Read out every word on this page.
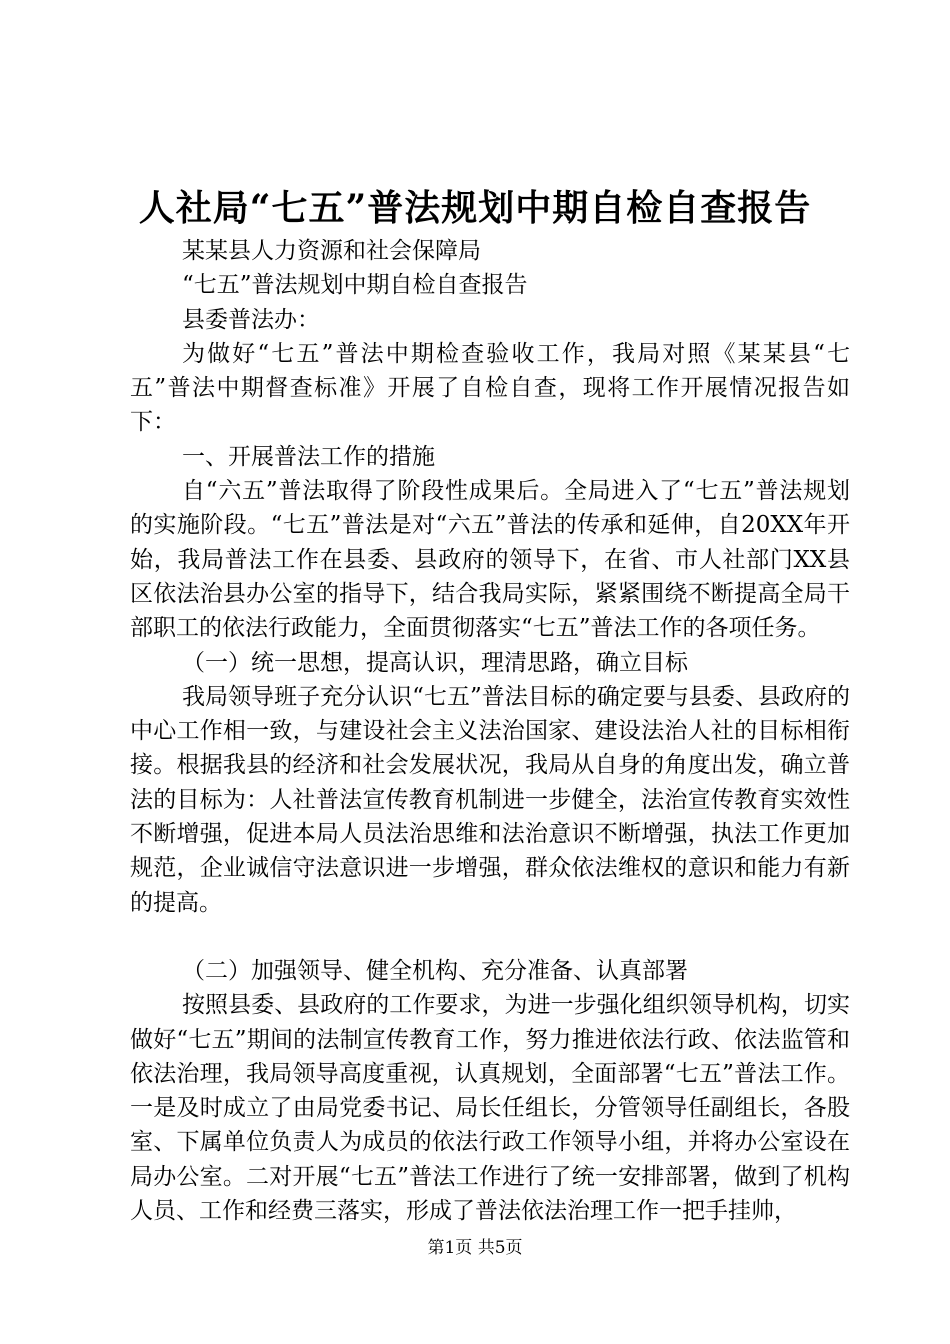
人社局“七五”普法规划中期自检自查报告

某某县人力资源和社会保障局

“七五”普法规划中期自检自查报告

县委普法办：

为做好“七五”普法中期检查验收工作，我局对照《某某县“七五”普法中期督查标准》开展了自检自查，现将工作开展情况报告如下：

一、开展普法工作的措施

自“六五”普法取得了阶段性成果后。全局进入了“七五”普法规划的实施阶段。“七五”普法是对“六五”普法的传承和延伸，自20XX年开始，我局普法工作在县委、县政府的领导下，在省、市人社部门XX县区依法治县办公室的指导下，结合我局实际，紧紧围绕不断提高全局干部职工的依法行政能力，全面贯彻落实“七五”普法工作的各项任务。

（一）统一思想，提高认识，理清思路，确立目标

我局领导班子充分认识“七五”普法目标的确定要与县委、县政府的中心工作相一致，与建设社会主义法治国家、建设法治人社的目标相衔接。根据我县的经济和社会发展状况，我局从自身的角度出发，确立普法的目标为：人社普法宣传教育机制进一步健全，法治宣传教育实效性不断增强，促进本局人员法治思维和法治意识不断增强，执法工作更加规范，企业诚信守法意识进一步增强，群众依法维权的意识和能力有新的提高。

（二）加强领导、健全机构、充分准备、认真部署

按照县委、县政府的工作要求，为进一步强化组织领导机构，切实做好“七五”期间的法制宣传教育工作，努力推进依法行政、依法监管和依法治理，我局领导高度重视，认真规划，全面部署“七五”普法工作。一是及时成立了由局党委书记、局长任组长，分管领导任副组长，各股室、下属单位负责人为成员的依法行政工作领导小组，并将办公室设在局办公室。二对开展“七五”普法工作进行了统一安排部署，做到了机构人员、工作和经费三落实，形成了普法依法治理工作一把手挂帅，

第1页 共5页
